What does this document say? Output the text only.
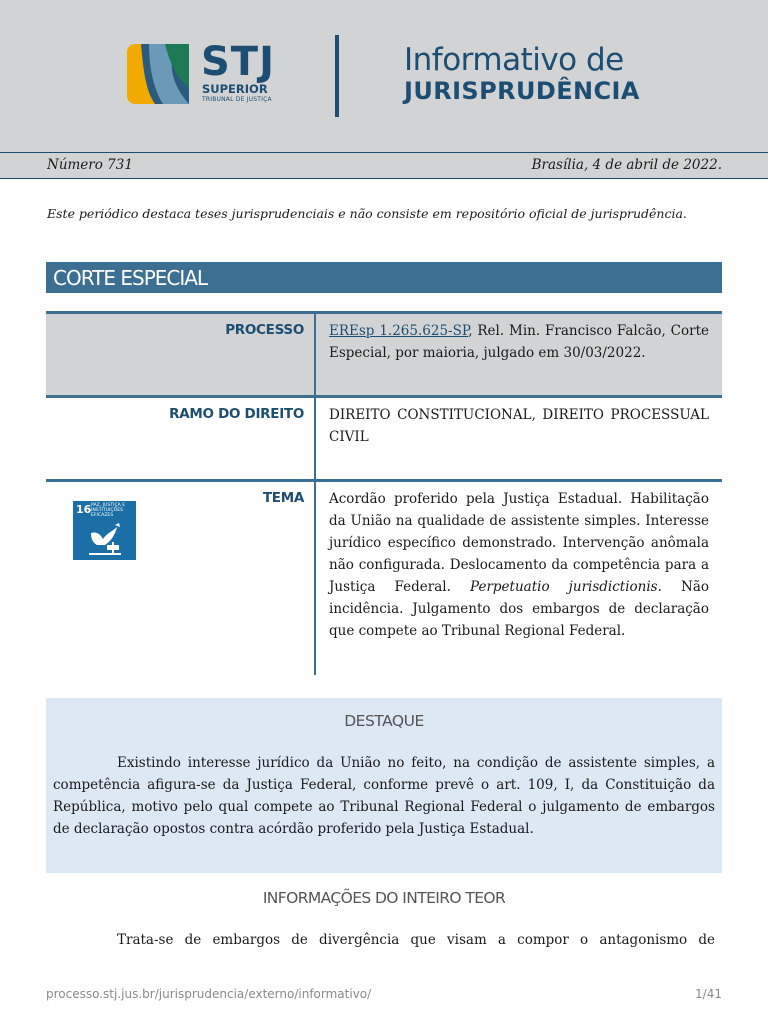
STJ
SUPERIOR
TRIBUNAL DE JUSTIÇA
Informativo de
JURISPRUDÊNCIA
Número 731	Brasília, 4 de abril de 2022.
Este periódico destaca teses jurisprudenciais e não consiste em repositório oficial de jurisprudência.
CORTE ESPECIAL
PROCESSO EREsp 1.265.625-SP, Rel. Min. Francisco Falcão, Corte Especial, por maioria, julgado em 30/03/2022.
RAMO DO DIREITO DIREITO CONSTITUCIONAL, DIREITO PROCESSUAL CIVIL
TEMA Acordão proferido pela Justiça Estadual. Habilitação da União na qualidade de assistente simples. Interesse jurídico específico demonstrado. Intervenção anômala não configurada. Deslocamento da competência para a Justiça Federal. Perpetuatio jurisdictionis. Não incidência. Julgamento dos embargos de declaração que compete ao Tribunal Regional Federal.
16 PAZ, JUSTIÇA E INSTITUIÇÕES EFICAZES
DESTAQUE
Existindo interesse jurídico da União no feito, na condição de assistente simples, a competência afigura-se da Justiça Federal, conforme prevê o art. 109, I, da Constituição da República, motivo pelo qual compete ao Tribunal Regional Federal o julgamento de embargos de declaração opostos contra acórdão proferido pela Justiça Estadual.
INFORMAÇÕES DO INTEIRO TEOR
Trata-se de embargos de divergência que visam a compor o antagonismo de
processo.stj.jus.br/jurisprudencia/externo/informativo/	1/41
